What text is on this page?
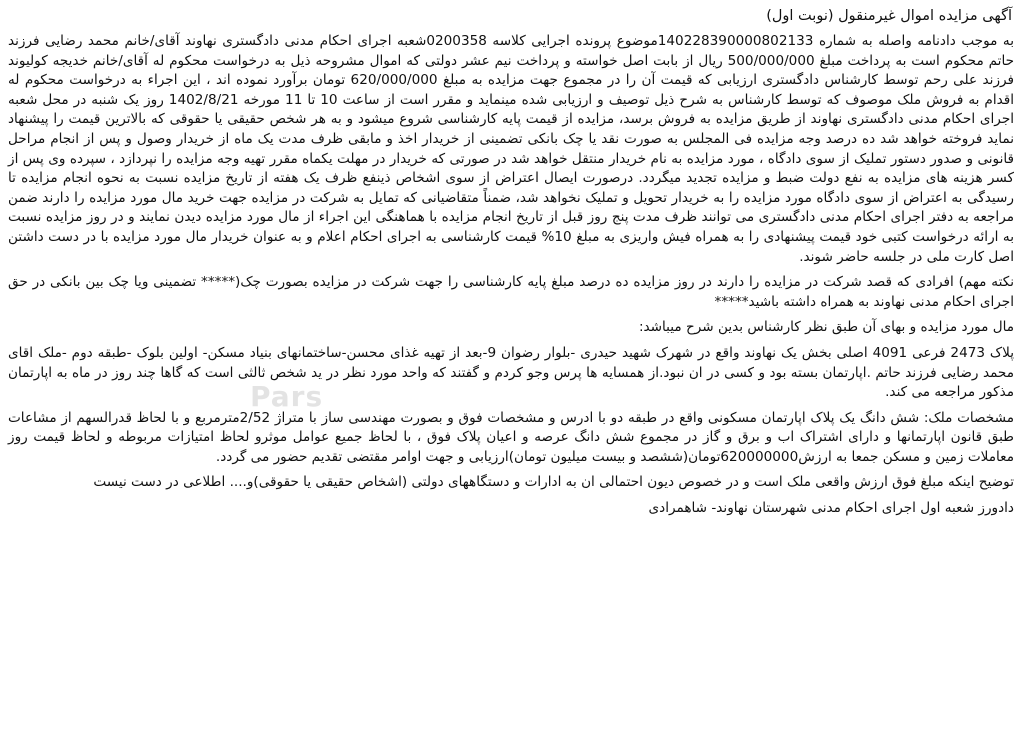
آگهی مزایده اموال غیرمنقول (نوبت اول)

به موجب دادنامه واصله به شماره 140228390000802133موضوع پرونده اجرایی کلاسه 0200358شعبه اجرای احکام مدنی دادگستری نهاوند آقای/خانم محمد رضایی فرزند حاتم محکوم است به پرداخت مبلغ 500/000/000 ریال از بابت اصل خواسته و پرداخت نیم عشر دولتی که اموال مشروحه ذیل به درخواست محکوم له آقای/خانم خدیجه کولیوند فرزند علی رحم توسط کارشناس دادگستری ارزیابی که قیمت آن را در مجموع جهت مزایده به مبلغ 620/000/000 تومان برآورد نموده اند ، این اجراء به درخواست محکوم له اقدام به فروش ملک موصوف که توسط کارشناس به شرح ذیل توصیف و ارزیابی شده مینماید و مقرر است از ساعت 10 تا 11 مورخه 1402/8/21 روز یک شنبه در محل شعبه اجرای احکام مدنی دادگستری نهاوند از طریق مزایده به فروش برسد، مزایده از قیمت پایه کارشناسی شروع میشود و به هر شخص حقیقی یا حقوقی که بالاترین قیمت را پیشنهاد نماید فروخته خواهد شد ده درصد وجه مزایده فی المجلس به صورت نقد یا چک بانکی تضمینی از خریدار اخذ و مابقی ظرف مدت یک ماه از خریدار وصول و پس از انجام مراحل قانونی و صدور دستور تملیک از سوی دادگاه ، مورد مزایده به نام خریدار منتقل خواهد شد در صورتی که خریدار در مهلت یکماه مقرر تهیه وجه مزایده را نپردازد ، سپرده وی پس از کسر هزینه های مزایده به نفع دولت ضبط و مزایده تجدید میگردد. درصورت ایصال اعتراض از سوی اشخاص ذینفع ظرف یک هفته از تاریخ مزایده نسبت به نحوه انجام مزایده تا رسیدگی به اعتراض از سوی دادگاه مورد مزایده را به خریدار تحویل و تملیک نخواهد شد، ضمناً متقاضیانی که تمایل به شرکت در مزایده جهت خرید مال مورد مزایده را دارند ضمن مراجعه به دفتر اجرای احکام مدنی دادگستری می توانند ظرف مدت پنج روز قبل از تاریخ انجام مزایده با هماهنگی این اجراء از مال مورد مزایده دیدن نمایند و در روز مزایده نسبت به ارائه درخواست کتبی خود قیمت پیشنهادی را به همراه فیش واریزی به مبلغ 10% قیمت کارشناسی به اجرای احکام اعلام و به عنوان خریدار مال مورد مزایده با در دست داشتن اصل کارت ملی در جلسه حاضر شوند.

نکته مهم) افرادی که قصد شرکت در مزایده را دارند در روز مزایده ده درصد مبلغ پایه کارشناسی را جهت شرکت در مزایده بصورت چک(***** تضمینی ویا چک بین بانکی در حق اجرای احکام مدنی نهاوند به همراه داشته باشید*****

مال مورد مزایده و بهای آن طبق نظر کارشناس بدین شرح میباشد:

پلاک 2473 فرعی 4091 اصلی بخش یک نهاوند واقع در شهرک شهید حیدری -بلوار رضوان 9-بعد از تهیه غذای محسن-ساختمانهای بنیاد مسکن- اولین بلوک -طبقه دوم -ملک اقای محمد رضایی فرزند حاتم .اپارتمان بسته بود و کسی در ان نبود.از همسایه ها پرس وجو کردم و گفتند که واحد مورد نظر در ید شخص ثالثی است که گاها چند روز در ماه به اپارتمان مذکور مراجعه می کند.

مشخصات ملک: شش دانگ یک پلاک اپارتمان مسکونی واقع در طبقه دو با ادرس و مشخصات فوق و بصورت مهندسی ساز با متراژ 2/52مترمربع و با لحاظ قدرالسهم از مشاعات طبق قانون اپارتمانها و دارای اشتراک اب و برق و گاز در مجموع شش دانگ عرصه و اعیان پلاک فوق ، با لحاظ جمیع عوامل موثرو لحاظ امتیازات مربوطه و لحاظ قیمت روز معاملات زمین و مسکن جمعا به ارزش620000000تومان(ششصد و بیست میلیون تومان)ارزیابی و جهت اوامر مقتضی تقدیم حضور می گردد.

توضیح اینکه مبلغ فوق ارزش واقعی ملک است و در خصوص دیون احتمالی ان به ادارات و دستگاههای دولتی (اشخاص حقیقی یا حقوقی)و.... اطلاعی در دست نیست

دادورز شعبه اول اجرای احکام مدنی شهرستان نهاوند- شاهمرادی

Pars
